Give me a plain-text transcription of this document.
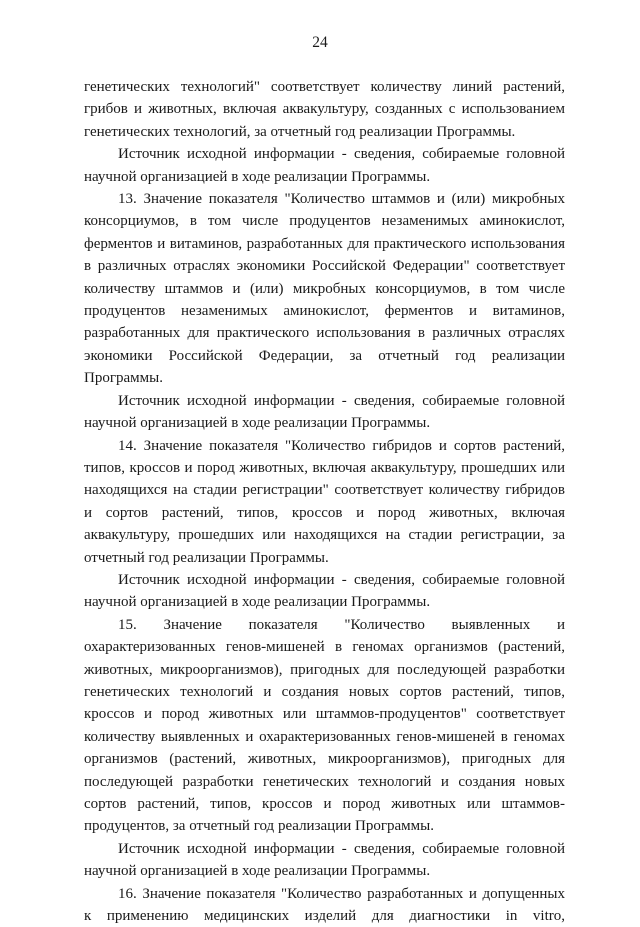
24

генетических технологий" соответствует количеству линий растений, грибов и животных, включая аквакультуру, созданных с использованием генетических технологий, за отчетный год реализации Программы.

Источник исходной информации - сведения, собираемые головной научной организацией в ходе реализации Программы.

13. Значение показателя "Количество штаммов и (или) микробных консорциумов, в том числе продуцентов незаменимых аминокислот, ферментов и витаминов, разработанных для практического использования в различных отраслях экономики Российской Федерации" соответствует количеству штаммов и (или) микробных консорциумов, в том числе продуцентов незаменимых аминокислот, ферментов и витаминов, разработанных для практического использования в различных отраслях экономики Российской Федерации, за отчетный год реализации Программы.

Источник исходной информации - сведения, собираемые головной научной организацией в ходе реализации Программы.

14. Значение показателя "Количество гибридов и сортов растений, типов, кроссов и пород животных, включая аквакультуру, прошедших или находящихся на стадии регистрации" соответствует количеству гибридов и сортов растений, типов, кроссов и пород животных, включая аквакультуру, прошедших или находящихся на стадии регистрации, за отчетный год реализации Программы.

Источник исходной информации - сведения, собираемые головной научной организацией в ходе реализации Программы.

15. Значение показателя "Количество выявленных и охарактеризованных генов-мишеней в геномах организмов (растений, животных, микроорганизмов), пригодных для последующей разработки генетических технологий и создания новых сортов растений, типов, кроссов и пород животных или штаммов-продуцентов" соответствует количеству выявленных и охарактеризованных генов-мишеней в геномах организмов (растений, животных, микроорганизмов), пригодных для последующей разработки генетических технологий и создания новых сортов растений, типов, кроссов и пород животных или штаммов-продуцентов, за отчетный год реализации Программы.

Источник исходной информации - сведения, собираемые головной научной организацией в ходе реализации Программы.

16. Значение показателя "Количество разработанных и допущенных к применению медицинских изделий для диагностики in vitro,
